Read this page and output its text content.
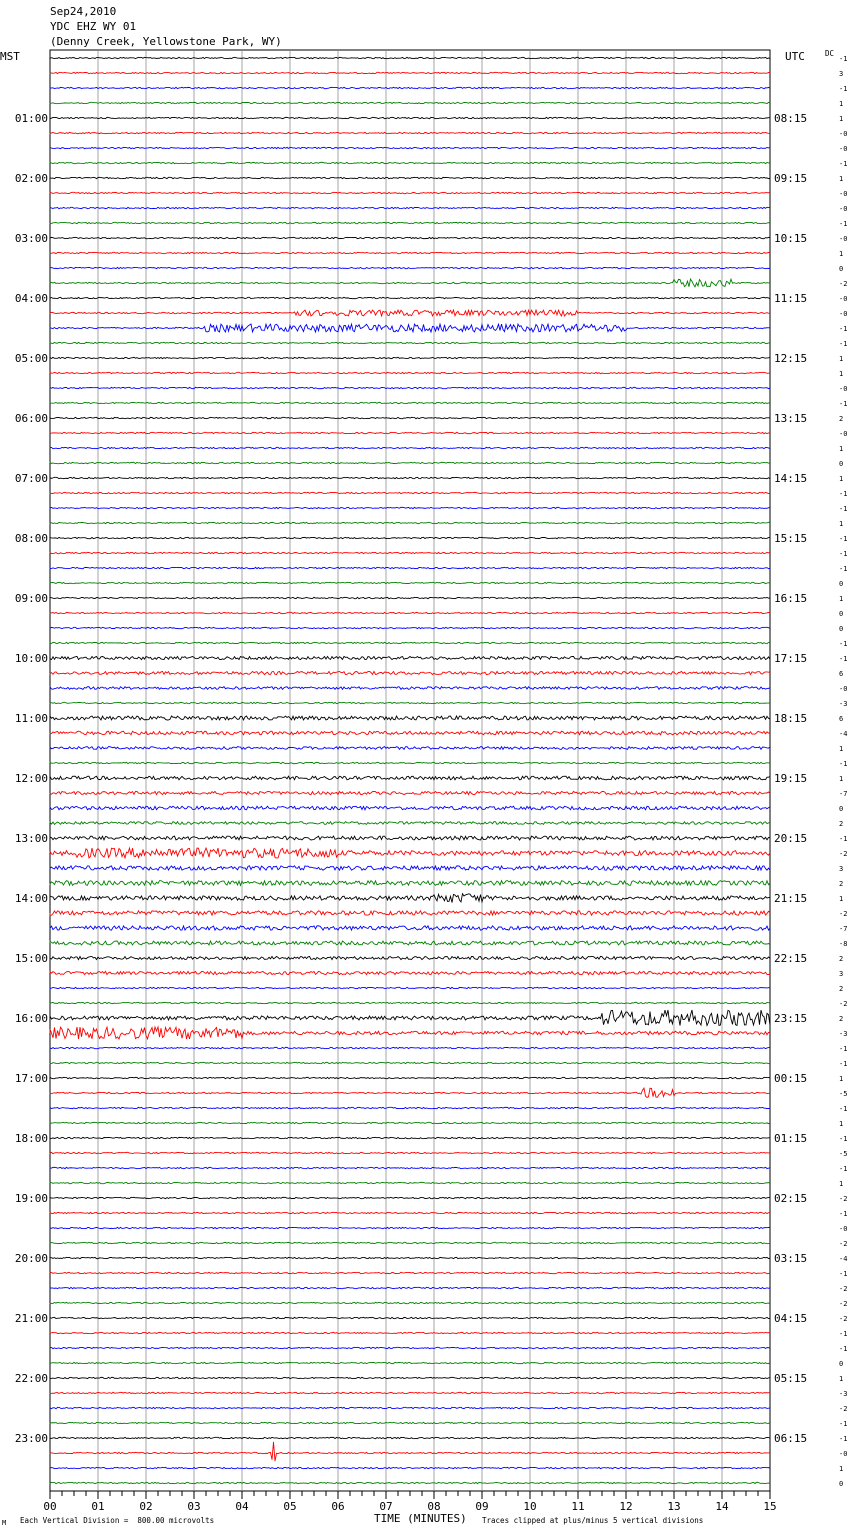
Sep24,2010
YDC EHZ WY 01
(Denny Creek, Yellowstone Park, WY)
MST	UTC	DC
-1
3
-1
1
1
-0
-0
-1
1
-0
-0
-1
-0
1
0
-2
-0
-0
-1
-1
1
1
-0
-1
2
-0
1
0
1
-1
-1
1
-1
-1
-1
0
1
0
0
-1
-1
6
-0
-3
6
-4
1
-1
1
-7
0
2
-1
-2
3
2
1
-2
-7
-8
2
3
2
-2
2
-3
-1
-1
1
-5
-1
1
-1
-5
-1
1
-2
-1
-0
-2
-4
-1
-2
-2
-2
-1
-1
0
1
-3
-2
-1
-1
-0
1
0
01:00
02:00
03:00
04:00
05:00
06:00
07:00
08:00
09:00
10:00
11:00
12:00
13:00
14:00
15:00
16:00
17:00
18:00
19:00
20:00
21:00
22:00
23:00
08:15
09:15
10:15
11:15
12:15
13:15
14:15
15:15
16:15
17:15
18:15
19:15
20:15
21:15
22:15
23:15
00:15
01:15
02:15
03:15
04:15
05:15
06:15
00	01	02	03	04	05	06	07	08	09	10	11	12	13	14	15
M Each Vertical Division =  800.00 microvolts	TIME (MINUTES) Traces clipped at plus/minus 5 vertical divisions
